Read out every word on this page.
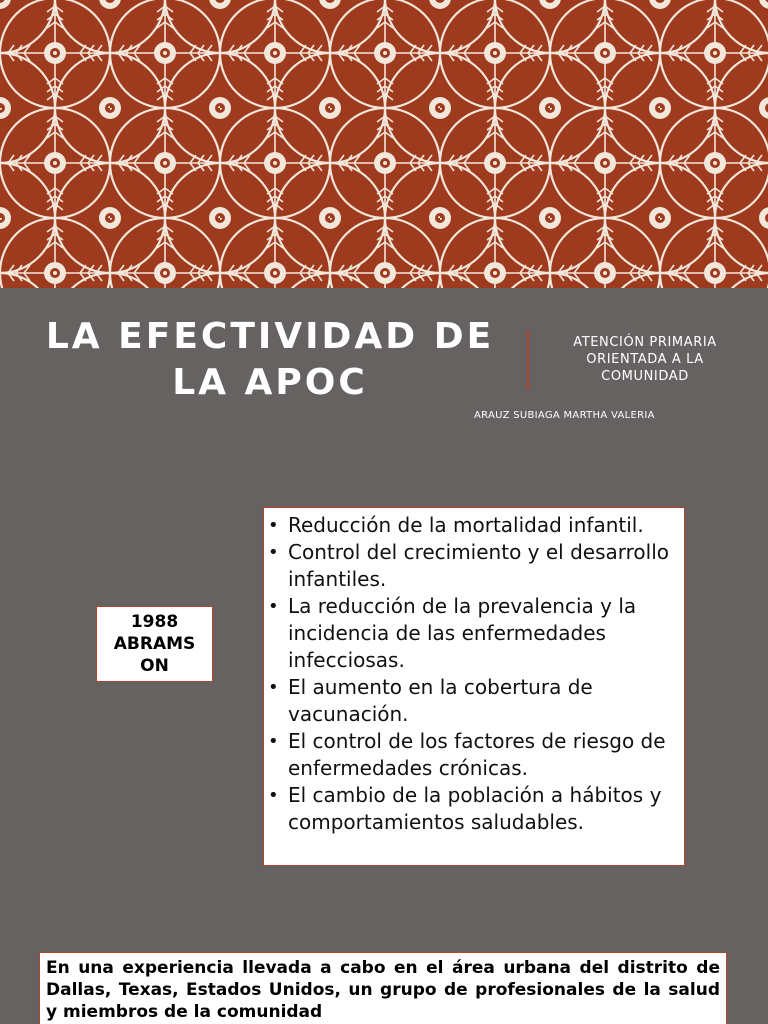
LA EFECTIVIDAD DE
LA APOC
ATENCIÓN PRIMARIA
ORIENTADA A LA
COMUNIDAD
ARAUZ SUBIAGA MARTHA VALERIA
1988
ABRAMS
ON
• Reducción de la mortalidad infantil.
• Control del crecimiento y el desarrollo infantiles.
• La reducción de la prevalencia y la incidencia de las enfermedades infecciosas.
• El aumento en la cobertura de vacunación.
• El control de los factores de riesgo de enfermedades crónicas.
• El cambio de la población a hábitos y comportamientos saludables.

En una experiencia llevada a cabo en el área urbana del distrito de Dallas, Texas, Estados Unidos, un grupo de profesionales de la salud y miembros de la comunidad
